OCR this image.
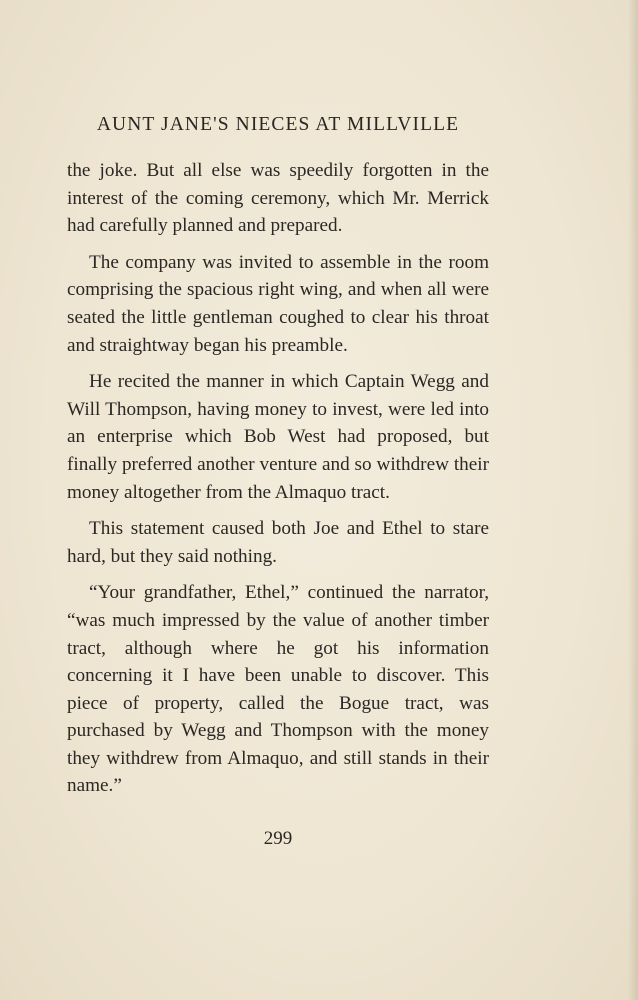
AUNT JANE'S NIECES AT MILLVILLE

the joke. But all else was speedily forgotten in the interest of the coming ceremony, which Mr. Merrick had carefully planned and prepared.

The company was invited to assemble in the room comprising the spacious right wing, and when all were seated the little gentleman coughed to clear his throat and straightway began his preamble.

He recited the manner in which Captain Wegg and Will Thompson, having money to invest, were led into an enterprise which Bob West had proposed, but finally preferred another venture and so withdrew their money altogether from the Almaquo tract.

This statement caused both Joe and Ethel to stare hard, but they said nothing.

“Your grandfather, Ethel,” continued the narrator, “was much impressed by the value of another timber tract, although where he got his information concerning it I have been unable to discover. This piece of property, called the Bogue tract, was purchased by Wegg and Thompson with the money they withdrew from Almaquo, and still stands in their name.”

299
